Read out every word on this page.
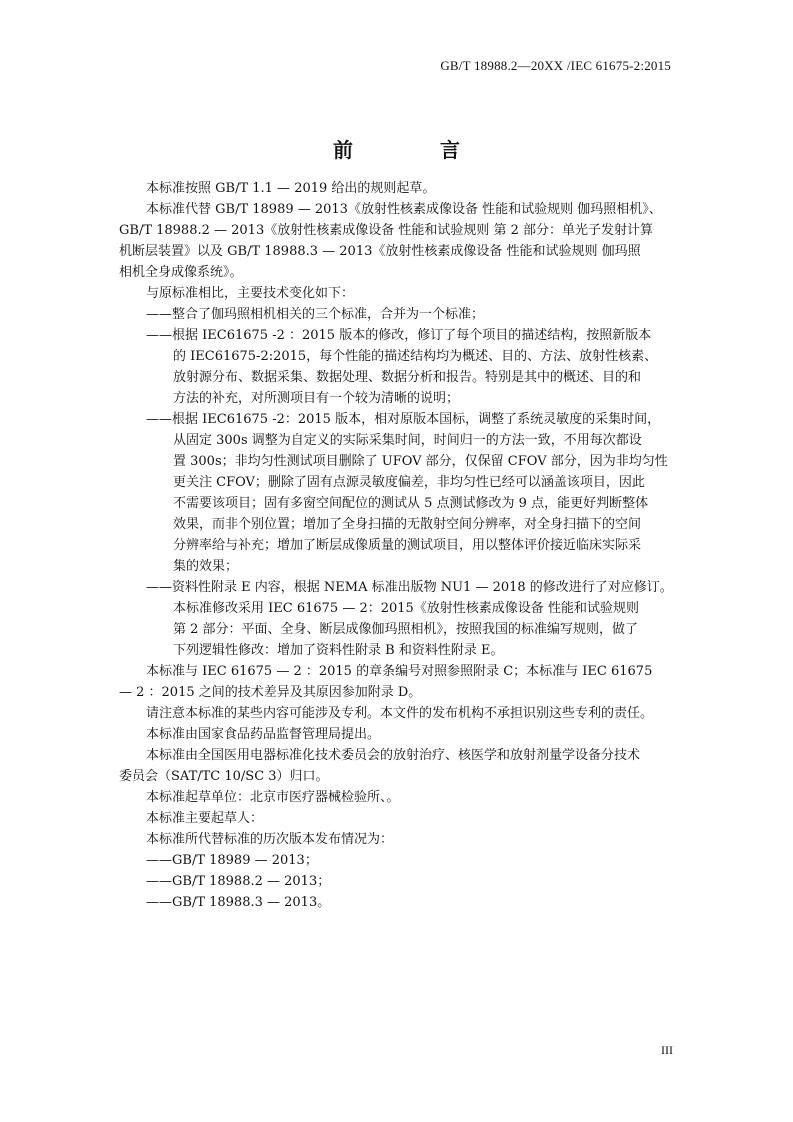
GB/T 18988.2—20XX /IEC 61675-2:2015
前 言

本标准按照 GB/T 1.1 — 2019 给出的规则起草。

本标准代替 GB/T 18989 — 2013《放射性核素成像设备 性能和试验规则 伽玛照相机》、

GB/T 18988.2 — 2013《放射性核素成像设备 性能和试验规则 第 2 部分：单光子发射计算

机断层装置》以及 GB/T 18988.3 — 2013《放射性核素成像设备 性能和试验规则 伽玛照

相机全身成像系统》。

与原标准相比，主要技术变化如下：

——整合了伽玛照相机相关的三个标准，合并为一个标准；

——根据 IEC61675 -2 ：2015 版本的修改，修订了每个项目的描述结构，按照新版本

的 IEC61675-2:2015，每个性能的描述结构均为概述、目的、方法、放射性核素、

放射源分布、数据采集、数据处理、数据分析和报告。特别是其中的概述、目的和

方法的补充，对所测项目有一个较为清晰的说明；

——根据 IEC61675 -2：2015 版本，相对原版本国标，调整了系统灵敏度的采集时间，

从固定 300s 调整为自定义的实际采集时间，时间归一的方法一致，不用每次都设

置 300s；非均匀性测试项目删除了 UFOV 部分，仅保留 CFOV 部分，因为非均匀性

更关注 CFOV；删除了固有点源灵敏度偏差，非均匀性已经可以涵盖该项目，因此

不需要该项目；固有多窗空间配位的测试从 5 点测试修改为 9 点，能更好判断整体

效果，而非个别位置；增加了全身扫描的无散射空间分辨率，对全身扫描下的空间

分辨率给与补充；增加了断层成像质量的测试项目，用以整体评价接近临床实际采

集的效果；

——资料性附录 E 内容，根据 NEMA 标准出版物 NU1 — 2018 的修改进行了对应修订。

本标准修改采用 IEC 61675 — 2：2015《放射性核素成像设备 性能和试验规则

第 2 部分：平面、全身、断层成像伽玛照相机》，按照我国的标准编写规则，做了

下列逻辑性修改：增加了资料性附录 B 和资料性附录 E。

本标准与 IEC 61675 — 2 ：2015 的章条编号对照参照附录 C；本标准与 IEC 61675

— 2 ：2015 之间的技术差异及其原因参加附录 D。

请注意本标准的某些内容可能涉及专利。本文件的发布机构不承担识别这些专利的责任。

本标准由国家食品药品监督管理局提出。

本标准由全国医用电器标准化技术委员会的放射治疗、核医学和放射剂量学设备分技术

委员会（SAT/TC 10/SC 3）归口。

本标准起草单位：北京市医疗器械检验所、。

本标准主要起草人：

本标准所代替标准的历次版本发布情况为：

——GB/T 18989 — 2013；

——GB/T 18988.2 — 2013；

——GB/T 18988.3 — 2013。

III
